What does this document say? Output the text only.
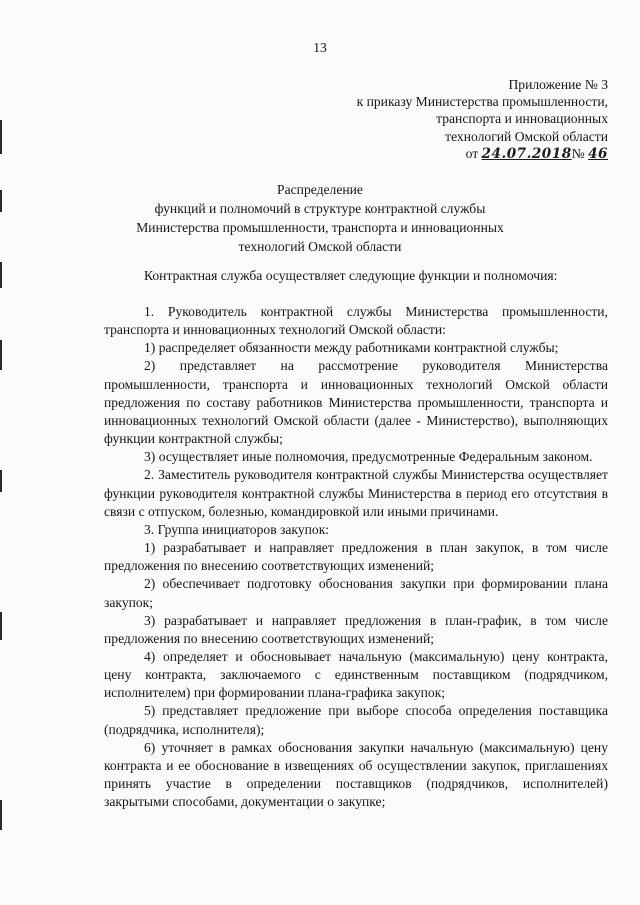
13
Приложение № 3
к приказу Министерства промышленности,
транспорта и инновационных
технологий Омской области
от 24.07.2018№ 46
Распределение
функций и полномочий в структуре контрактной службы
Министерства промышленности, транспорта и инновационных
технологий Омской области
Контрактная служба осуществляет следующие функции и полномочия:

1. Руководитель контрактной службы Министерства промышленности, транспорта и инновационных технологий Омской области:

1) распределяет обязанности между работниками контрактной службы;

2) представляет на рассмотрение руководителя Министерства промышленности, транспорта и инновационных технологий Омской области предложения по составу работников Министерства промышленности, транспорта и инновационных технологий Омской области (далее - Министерство), выполняющих функции контрактной службы;

3) осуществляет иные полномочия, предусмотренные Федеральным законом.

2. Заместитель руководителя контрактной службы Министерства осуществляет функции руководителя контрактной службы Министерства в период его отсутствия в связи с отпуском, болезнью, командировкой или иными причинами.

3. Группа инициаторов закупок:

1) разрабатывает и направляет предложения в план закупок, в том числе предложения по внесению соответствующих изменений;

2) обеспечивает подготовку обоснования закупки при формировании плана закупок;

3) разрабатывает и направляет предложения в план-график, в том числе предложения по внесению соответствующих изменений;

4) определяет и обосновывает начальную (максимальную) цену контракта, цену контракта, заключаемого с единственным поставщиком (подрядчиком, исполнителем) при формировании плана-графика закупок;

5) представляет предложение при выборе способа определения поставщика (подрядчика, исполнителя);

6) уточняет в рамках обоснования закупки начальную (максимальную) цену контракта и ее обоснование в извещениях об осуществлении закупок, приглашениях принять участие в определении поставщиков (подрядчиков, исполнителей) закрытыми способами, документации о закупке;
